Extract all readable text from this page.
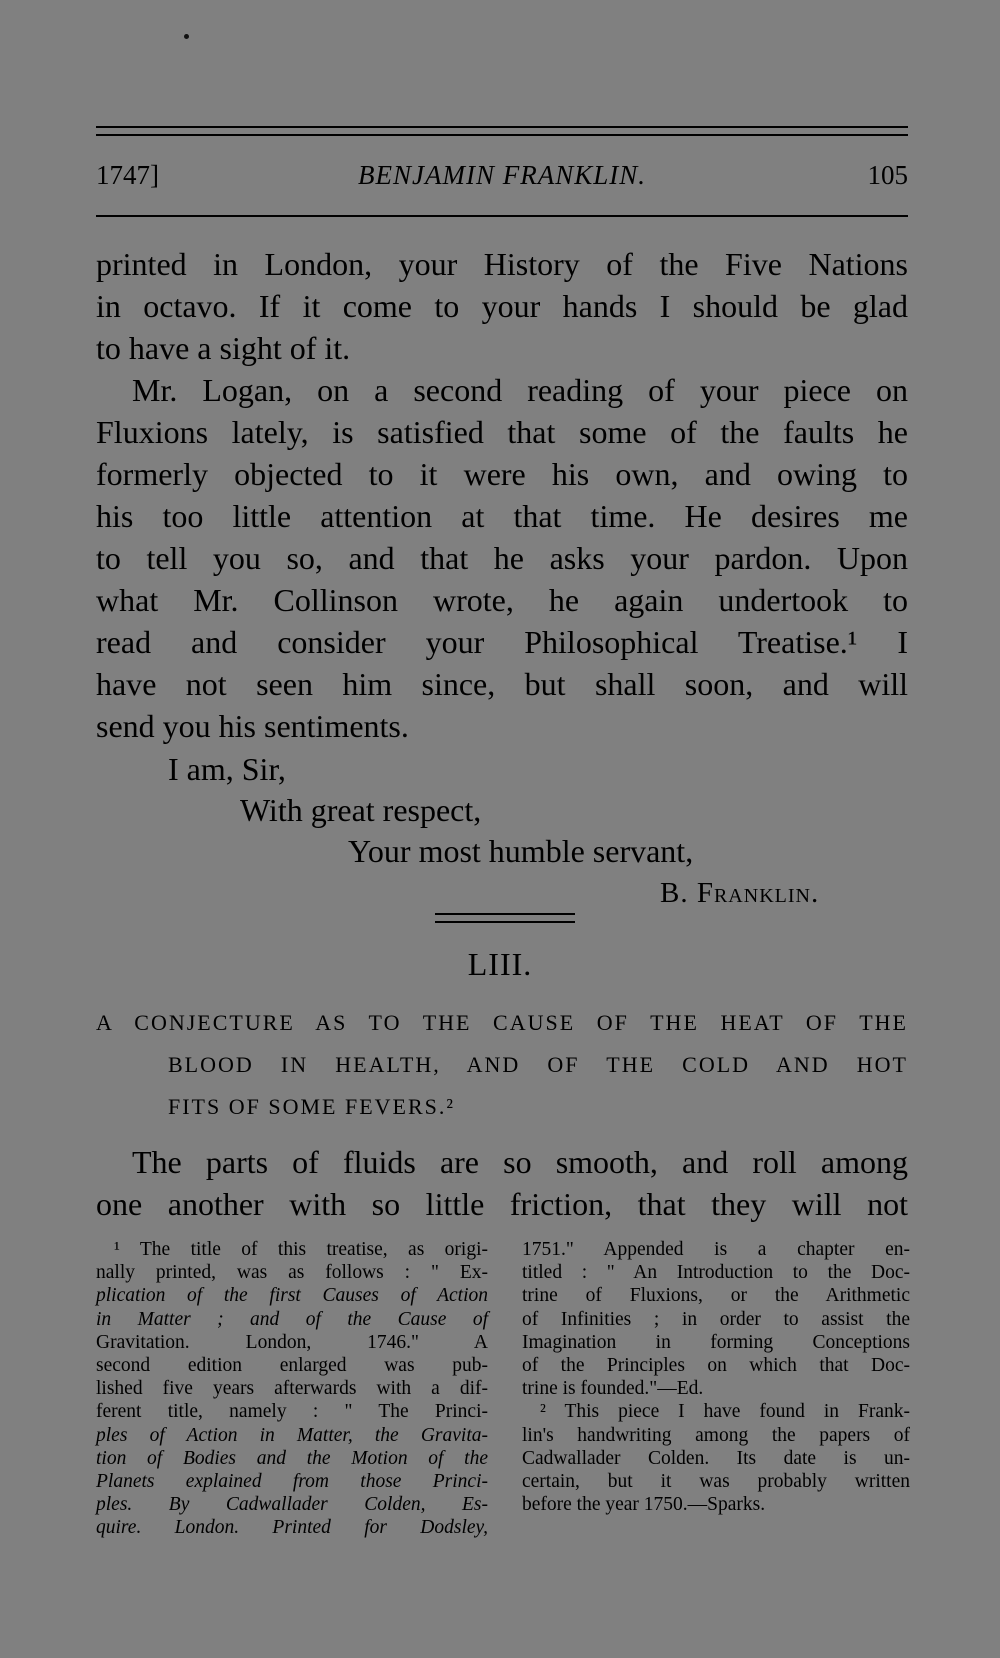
1747]	BENJAMIN FRANKLIN.	105
printed in London, your History of the Five Nations
in octavo. If it come to your hands I should be glad
to have a sight of it.
Mr. Logan, on a second reading of your piece on
Fluxions lately, is satisfied that some of the faults he
formerly objected to it were his own, and owing to
his too little attention at that time. He desires me
to tell you so, and that he asks your pardon. Upon
what Mr. Collinson wrote, he again undertook to
read and consider your Philosophical Treatise.¹ I
have not seen him since, but shall soon, and will
send you his sentiments.
I am, Sir,
With great respect,
Your most humble servant,
B. Franklin.
LIII.
A CONJECTURE AS TO THE CAUSE OF THE HEAT OF THE
BLOOD IN HEALTH, AND OF THE COLD AND HOT
FITS OF SOME FEVERS.²
The parts of fluids are so smooth, and roll among
one another with so little friction, that they will not
¹ The title of this treatise, as origi-
nally printed, was as follows : " Ex-
plication of the first Causes of Action
in Matter ; and of the Cause of
Gravitation. London, 1746." A
second edition enlarged was pub-
lished five years afterwards with a dif-
ferent title, namely : " The Princi-
ples of Action in Matter, the Gravita-
tion of Bodies and the Motion of the
Planets explained from those Princi-
ples. By Cadwallader Colden, Es-
quire. London. Printed for Dodsley,
1751." Appended is a chapter en-
titled : " An Introduction to the Doc-
trine of Fluxions, or the Arithmetic
of Infinities ; in order to assist the
Imagination in forming Conceptions
of the Principles on which that Doc-
trine is founded."—Ed.
² This piece I have found in Frank-
lin's handwriting among the papers of
Cadwallader Colden. Its date is un-
certain, but it was probably written
before the year 1750.—Sparks.
